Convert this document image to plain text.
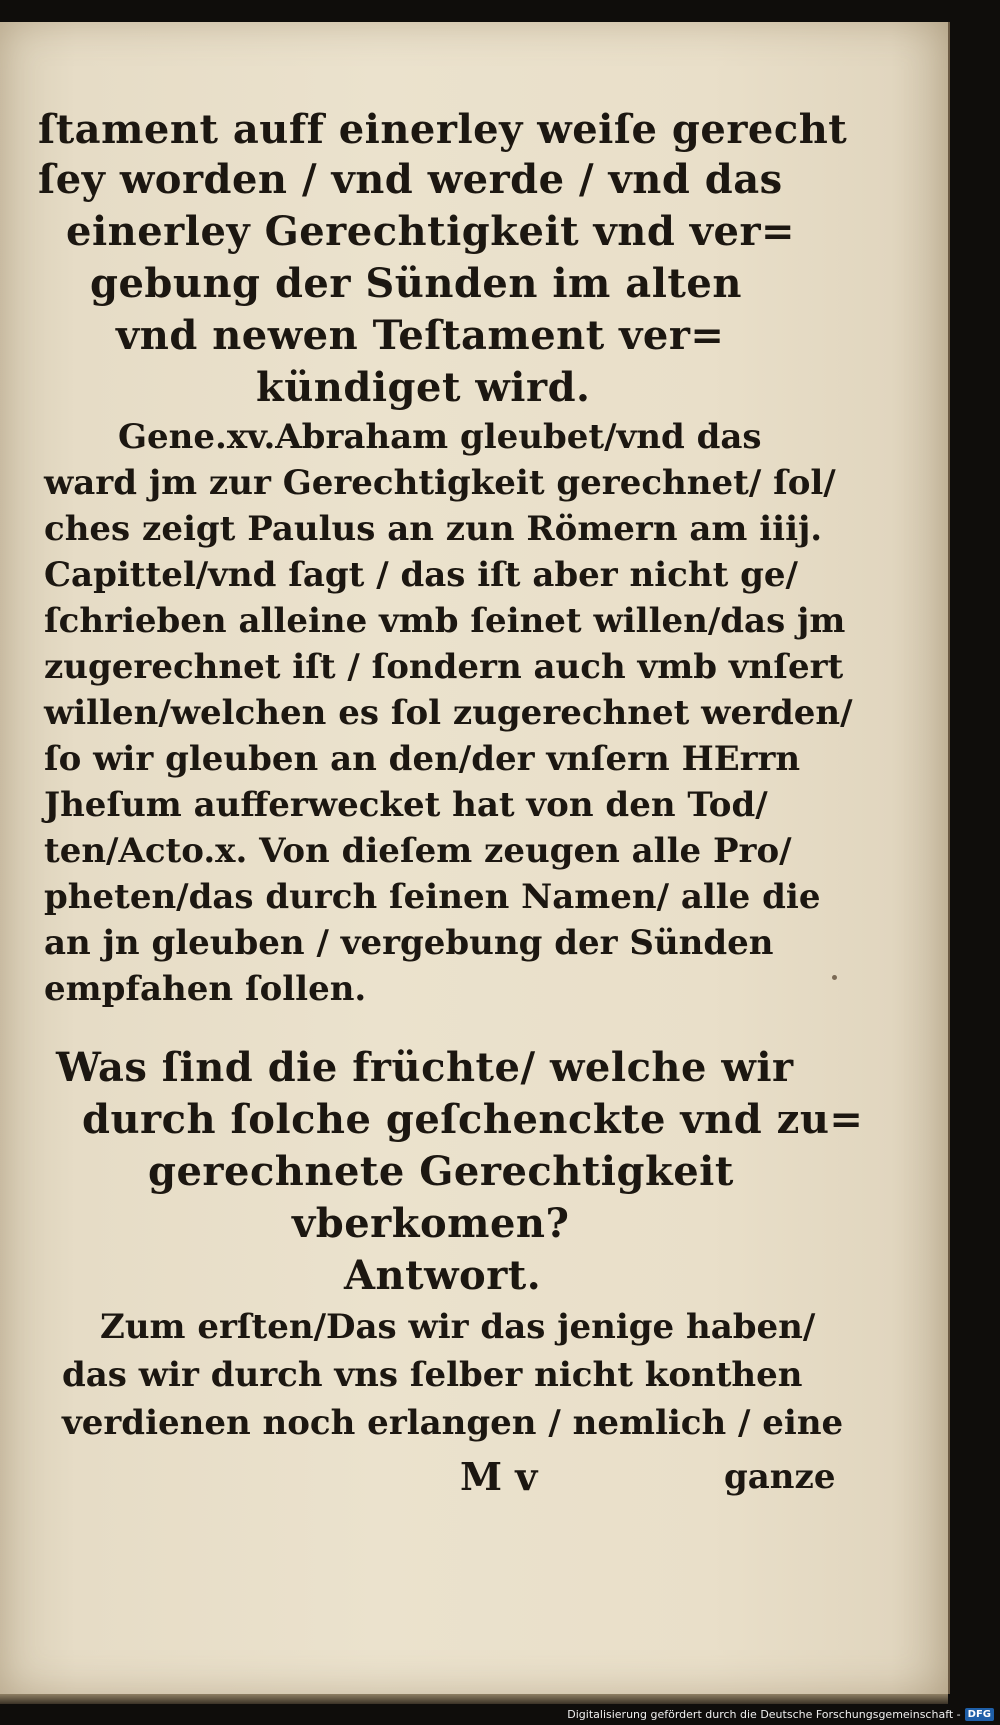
ſtament auff einerley weiſe gerecht
ſey worden / vnd werde / vnd das
einerley Gerechtigkeit vnd ver=
gebung der Sünden im alten
vnd newen Teſtament ver=
kündiget wird.
Gene.xv.Abraham gleubet/vnd das
ward jm zur Gerechtigkeit gerechnet/ ſol/
ches zeigt Paulus an zun Römern am iiij.
Capittel/vnd ſagt / das iſt aber nicht ge/
ſchrieben alleine vmb ſeinet willen/das jm
zugerechnet iſt / ſondern auch vmb vnſert
willen/welchen es ſol zugerechnet werden/
ſo wir gleuben an den/der vnſern HErrn
Jheſum aufferwecket hat von den Tod/
ten/Acto.x. Von dieſem zeugen alle Pro/
pheten/das durch ſeinen Namen/ alle die
an jn gleuben / vergebung der Sünden
empfahen ſollen.
Was ſind die früchte/ welche wir
durch ſolche geſchenckte vnd zu=
gerechnete Gerechtigkeit
vberkomen?
Antwort.
Zum erſten/Das wir das jenige haben/
das wir durch vns ſelber nicht konthen
verdienen noch erlangen / nemlich / eine
M v	ganze
Digitalisierung gefördert durch die Deutsche Forschungsgemeinschaft - DFG
